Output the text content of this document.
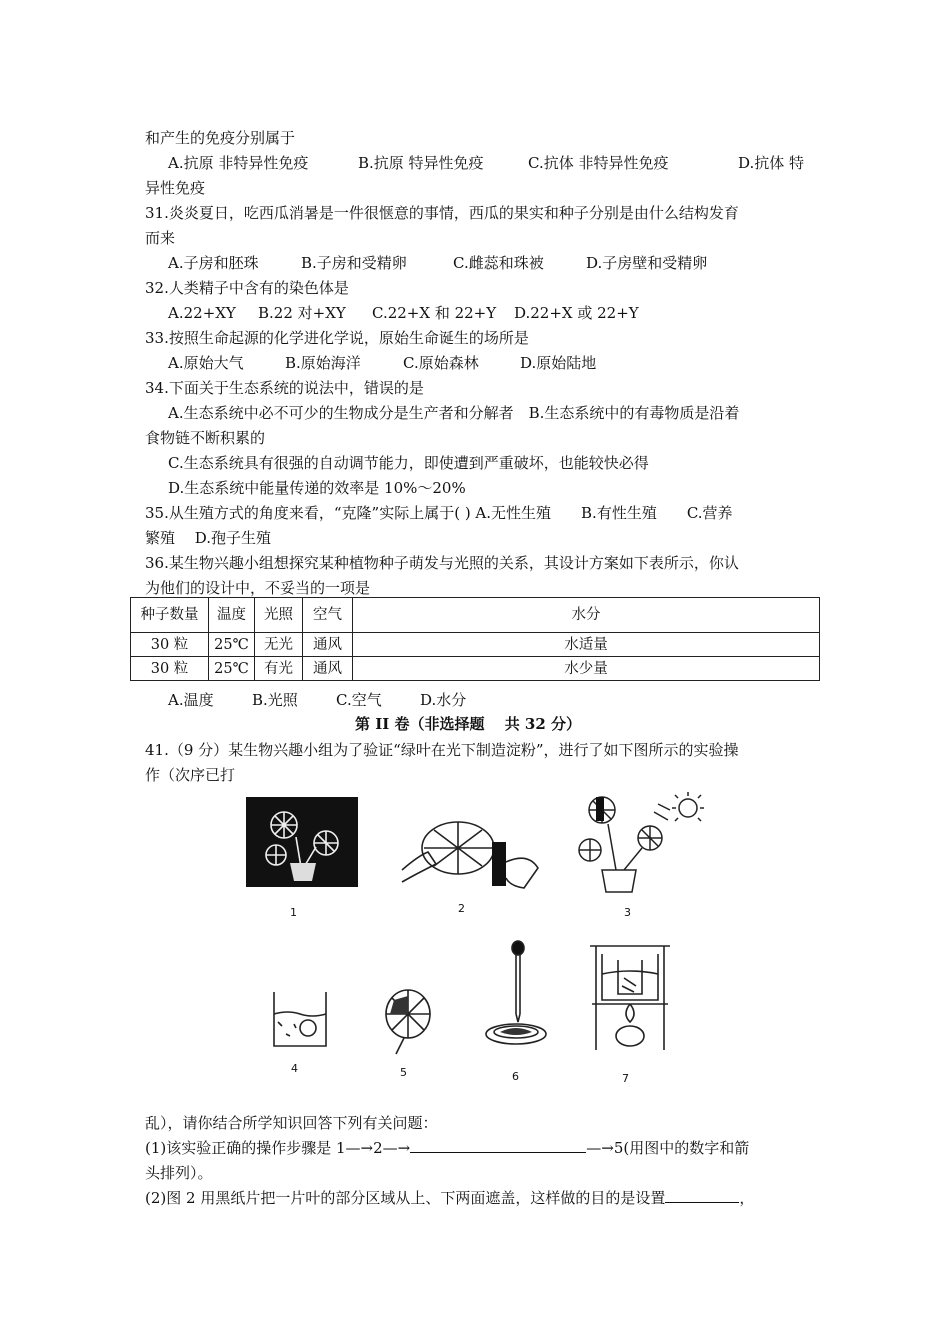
和产生的免疫分别属于
A.抗原 非特异性免疫	B.抗原 特异性免疫	C.抗体 非特异性免疫	D.抗体 特
异性免疫
31.炎炎夏日，吃西瓜消暑是一件很惬意的事情，西瓜的果实和种子分别是由什么结构发育
而来
A.子房和胚珠	B.子房和受精卵	C.雌蕊和珠被	D.子房壁和受精卵
32.人类精子中含有的染色体是
A.22+XY B.22 对+XY C.22+X 和 22+Y D.22+X 或 22+Y
33.按照生命起源的化学进化学说，原始生命诞生的场所是
A.原始大气	B.原始海洋	C.原始森林	D.原始陆地
34.下面关于生态系统的说法中，错误的是
A.生态系统中必不可少的生物成分是生产者和分解者　B.生态系统中的有毒物质是沿着
食物链不断积累的
C.生态系统具有很强的自动调节能力，即使遭到严重破坏，也能较快必得
D.生态系统中能量传递的效率是 10%～20%
35.从生殖方式的角度来看，“克隆”实际上属于( ) A.无性生殖　　B.有性生殖　　C.营养
繁殖　 D.孢子生殖
36.某生物兴趣小组想探究某种植物种子萌发与光照的关系，其设计方案如下表所示，你认
为他们的设计中，不妥当的一项是
种子数量	温度	光照	空气	水分
30 粒	25℃	无光	通风	水适量
30 粒	25℃	有光	通风	水少量
A.温度	B.光照	C.空气	D.水分
第 II 卷（非选择题　 共 32 分）
41.（9 分）某生物兴趣小组为了验证“绿叶在光下制造淀粉”，进行了如下图所示的实验操
作（次序已打
1	2	3
4	5	6	7
乱），请你结合所学知识回答下列有关问题：
(1)该实验正确的操作步骤是 1—→2—→	—→5(用图中的数字和箭
头排列）。
(2)图 2 用黑纸片把一片叶的部分区域从上、下两面遮盖，这样做的目的是设置	，
